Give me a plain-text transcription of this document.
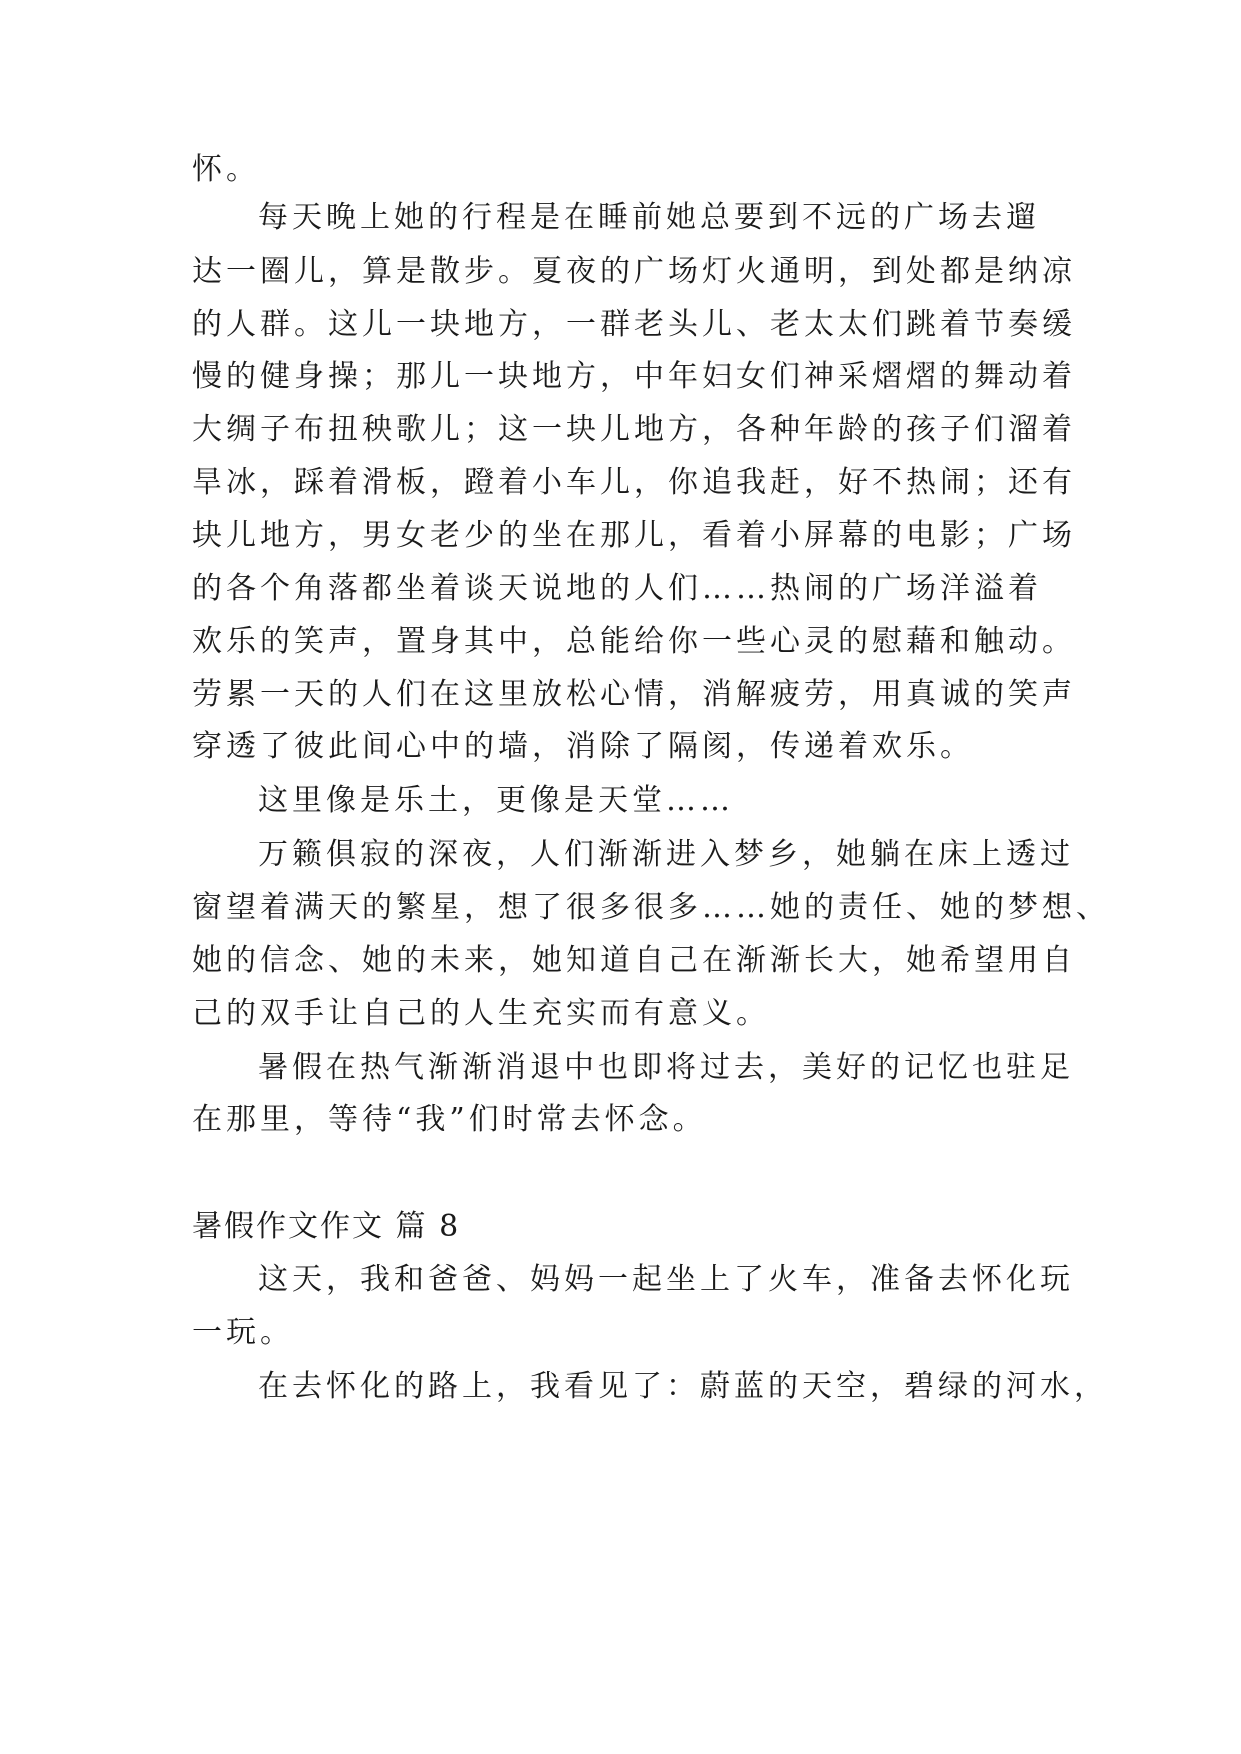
怀。
每天晚上她的行程是在睡前她总要到不远的广场去遛
达一圈儿，算是散步。夏夜的广场灯火通明，到处都是纳凉
的人群。这儿一块地方，一群老头儿、老太太们跳着节奏缓
慢的健身操；那儿一块地方，中年妇女们神采熠熠的舞动着
大绸子布扭秧歌儿；这一块儿地方，各种年龄的孩子们溜着
旱冰，踩着滑板，蹬着小车儿，你追我赶，好不热闹；还有
块儿地方，男女老少的坐在那儿，看着小屏幕的电影；广场
的各个角落都坐着谈天说地的人们……热闹的广场洋溢着
欢乐的笑声，置身其中，总能给你一些心灵的慰藉和触动。
劳累一天的人们在这里放松心情，消解疲劳，用真诚的笑声
穿透了彼此间心中的墙，消除了隔阂，传递着欢乐。
这里像是乐土，更像是天堂……
万籁俱寂的深夜，人们渐渐进入梦乡，她躺在床上透过
窗望着满天的繁星，想了很多很多……她的责任、她的梦想、
她的信念、她的未来，她知道自己在渐渐长大，她希望用自
己的双手让自己的人生充实而有意义。
暑假在热气渐渐消退中也即将过去，美好的记忆也驻足
在那里，等待“我”们时常去怀念。
暑假作文作文 篇 8
这天，我和爸爸、妈妈一起坐上了火车，准备去怀化玩
一玩。
在去怀化的路上，我看见了：蔚蓝的天空，碧绿的河水，
